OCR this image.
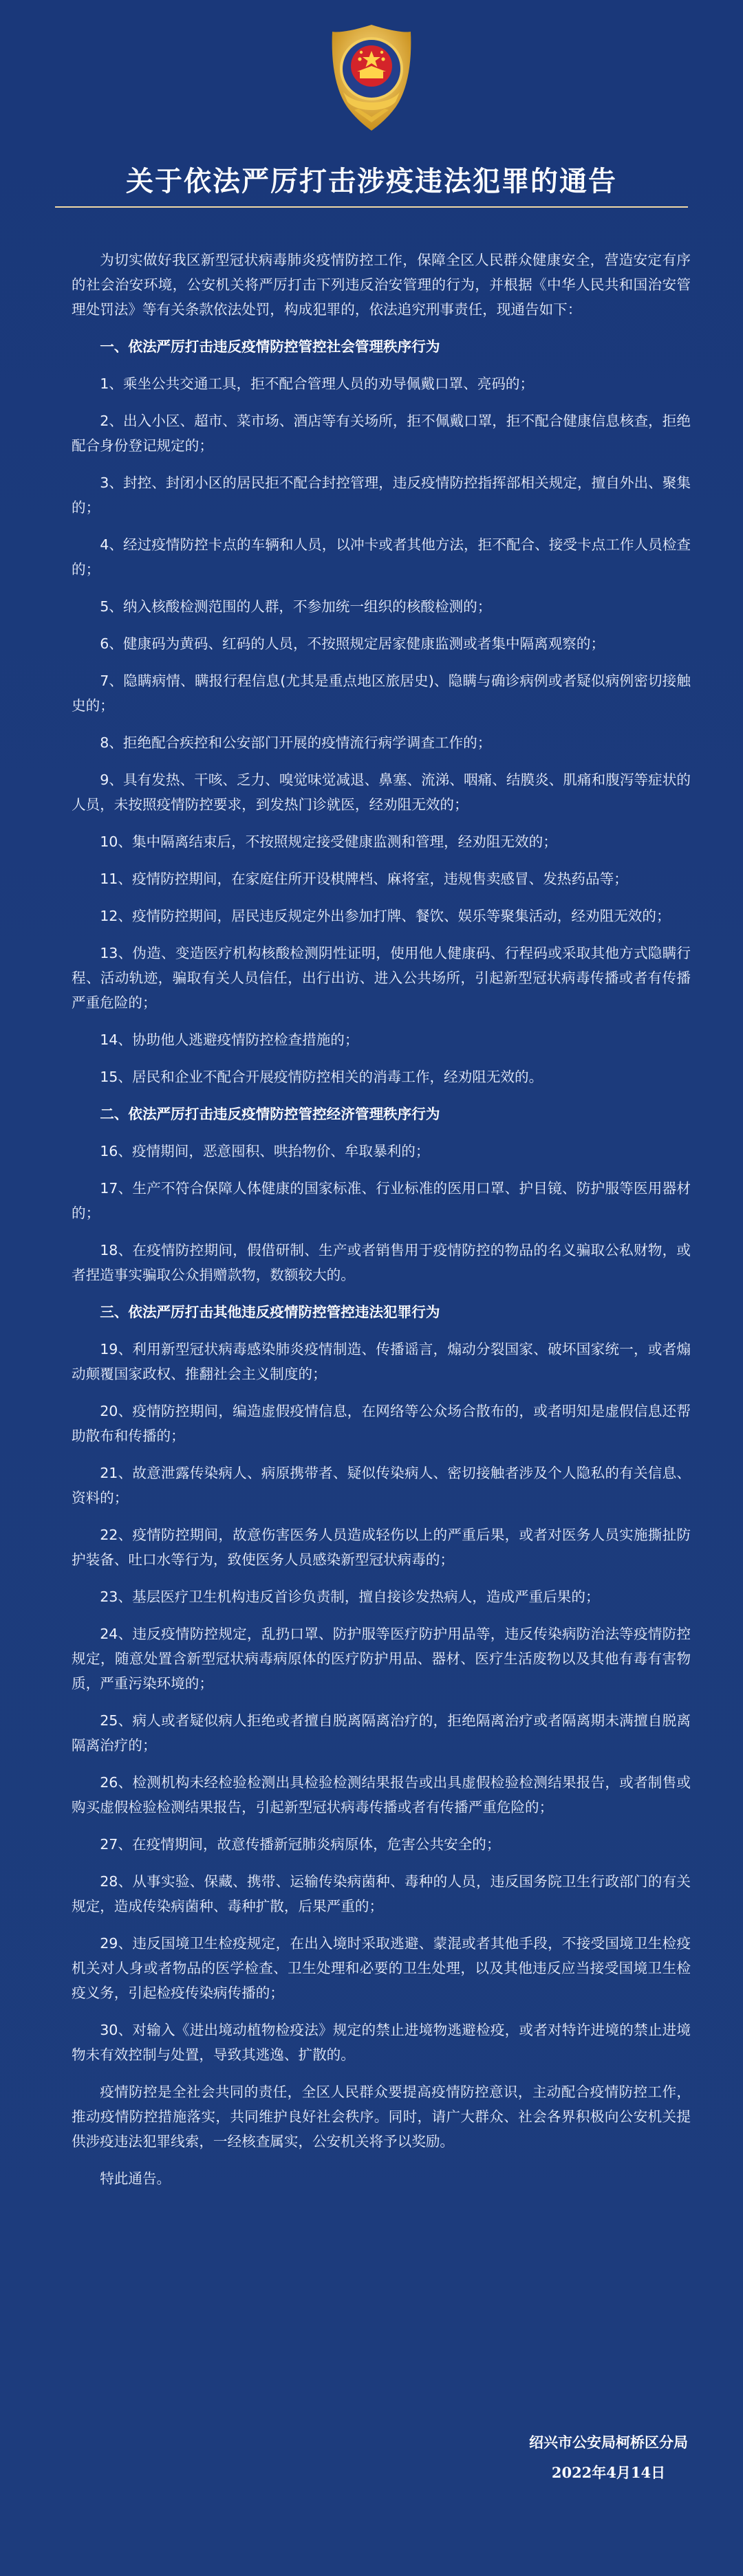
关于依法严厉打击涉疫违法犯罪的通告

为切实做好我区新型冠状病毒肺炎疫情防控工作，保障全区人民群众健康安全，营造安定有序的社会治安环境，公安机关将严厉打击下列违反治安管理的行为，并根据《中华人民共和国治安管理处罚法》等有关条款依法处罚，构成犯罪的，依法追究刑事责任，现通告如下：

一、依法严厉打击违反疫情防控管控社会管理秩序行为

1、乘坐公共交通工具，拒不配合管理人员的劝导佩戴口罩、亮码的；

2、出入小区、超市、菜市场、酒店等有关场所，拒不佩戴口罩，拒不配合健康信息核查，拒绝配合身份登记规定的；

3、封控、封闭小区的居民拒不配合封控管理，违反疫情防控指挥部相关规定，擅自外出、聚集的；

4、经过疫情防控卡点的车辆和人员，以冲卡或者其他方法，拒不配合、接受卡点工作人员检查的；

5、纳入核酸检测范围的人群，不参加统一组织的核酸检测的；

6、健康码为黄码、红码的人员，不按照规定居家健康监测或者集中隔离观察的；

7、隐瞒病情、瞒报行程信息(尤其是重点地区旅居史)、隐瞒与确诊病例或者疑似病例密切接触史的；

8、拒绝配合疾控和公安部门开展的疫情流行病学调查工作的；

9、具有发热、干咳、乏力、嗅觉味觉减退、鼻塞、流涕、咽痛、结膜炎、肌痛和腹泻等症状的人员，未按照疫情防控要求，到发热门诊就医，经劝阻无效的；

10、集中隔离结束后，不按照规定接受健康监测和管理，经劝阻无效的；

11、疫情防控期间，在家庭住所开设棋牌档、麻将室，违规售卖感冒、发热药品等；

12、疫情防控期间，居民违反规定外出参加打牌、餐饮、娱乐等聚集活动，经劝阻无效的；

13、伪造、变造医疗机构核酸检测阴性证明，使用他人健康码、行程码或采取其他方式隐瞒行程、活动轨迹，骗取有关人员信任，出行出访、进入公共场所，引起新型冠状病毒传播或者有传播严重危险的；

14、协助他人逃避疫情防控检查措施的；

15、居民和企业不配合开展疫情防控相关的消毒工作，经劝阻无效的。

二、依法严厉打击违反疫情防控管控经济管理秩序行为

16、疫情期间，恶意囤积、哄抬物价、牟取暴利的；

17、生产不符合保障人体健康的国家标准、行业标准的医用口罩、护目镜、防护服等医用器材的；

18、在疫情防控期间，假借研制、生产或者销售用于疫情防控的物品的名义骗取公私财物，或者捏造事实骗取公众捐赠款物，数额较大的。

三、依法严厉打击其他违反疫情防控管控违法犯罪行为

19、利用新型冠状病毒感染肺炎疫情制造、传播谣言，煽动分裂国家、破坏国家统一，或者煽动颠覆国家政权、推翻社会主义制度的；

20、疫情防控期间，编造虚假疫情信息，在网络等公众场合散布的，或者明知是虚假信息还帮助散布和传播的；

21、故意泄露传染病人、病原携带者、疑似传染病人、密切接触者涉及个人隐私的有关信息、资料的；

22、疫情防控期间，故意伤害医务人员造成轻伤以上的严重后果，或者对医务人员实施撕扯防护装备、吐口水等行为，致使医务人员感染新型冠状病毒的；

23、基层医疗卫生机构违反首诊负责制，擅自接诊发热病人，造成严重后果的；

24、违反疫情防控规定，乱扔口罩、防护服等医疗防护用品等，违反传染病防治法等疫情防控规定，随意处置含新型冠状病毒病原体的医疗防护用品、器材、医疗生活废物以及其他有毒有害物质，严重污染环境的；

25、病人或者疑似病人拒绝或者擅自脱离隔离治疗的，拒绝隔离治疗或者隔离期未满擅自脱离隔离治疗的；

26、检测机构未经检验检测出具检验检测结果报告或出具虚假检验检测结果报告，或者制售或购买虚假检验检测结果报告，引起新型冠状病毒传播或者有传播严重危险的；

27、在疫情期间，故意传播新冠肺炎病原体，危害公共安全的；

28、从事实验、保藏、携带、运输传染病菌种、毒种的人员，违反国务院卫生行政部门的有关规定，造成传染病菌种、毒种扩散，后果严重的；

29、违反国境卫生检疫规定，在出入境时采取逃避、蒙混或者其他手段，不接受国境卫生检疫机关对人身或者物品的医学检查、卫生处理和必要的卫生处理，以及其他违反应当接受国境卫生检疫义务，引起检疫传染病传播的；

30、对输入《进出境动植物检疫法》规定的禁止进境物逃避检疫，或者对特许进境的禁止进境物未有效控制与处置，导致其逃逸、扩散的。

疫情防控是全社会共同的责任，全区人民群众要提高疫情防控意识，主动配合疫情防控工作，推动疫情防控措施落实，共同维护良好社会秩序。同时，请广大群众、社会各界积极向公安机关提供涉疫违法犯罪线索，一经核查属实，公安机关将予以奖励。

特此通告。

绍兴市公安局柯桥区分局
2022年4月14日
